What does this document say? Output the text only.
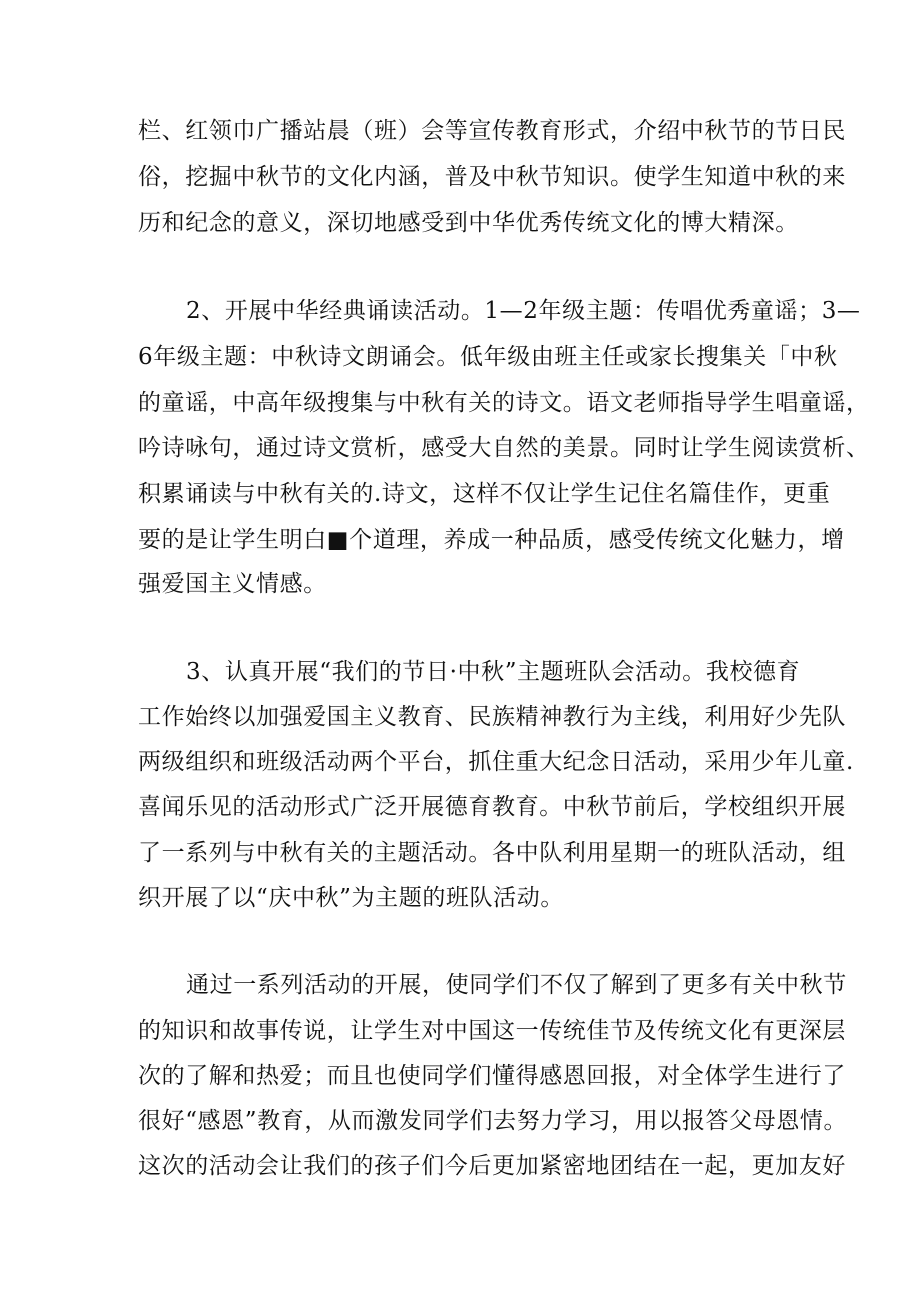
栏、红领巾广播站晨（班）会等宣传教育形式，介绍中秋节的节日民
俗，挖掘中秋节的文化内涵，普及中秋节知识。使学生知道中秋的来
历和纪念的意义，深切地感受到中华优秀传统文化的博大精深。
2、开展中华经典诵读活动。1—2年级主题：传唱优秀童谣；3—
6年级主题：中秋诗文朗诵会。低年级由班主任或家长搜集关「中秋
的童谣，中高年级搜集与中秋有关的诗文。语文老师指导学生唱童谣，
吟诗咏句，通过诗文赏析，感受大自然的美景。同时让学生阅读赏析、
积累诵读与中秋有关的.诗文，这样不仅让学生记住名篇佳作，更重
要的是让学生明白■个道理，养成一种品质，感受传统文化魅力，增
强爱国主义情感。
3、认真开展“我们的节日·中秋”主题班队会活动。我校德育
工作始终以加强爱国主义教育、民族精神教行为主线，利用好少先队
两级组织和班级活动两个平台，抓住重大纪念日活动，采用少年儿童.
喜闻乐见的活动形式广泛开展德育教育。中秋节前后，学校组织开展
了一系列与中秋有关的主题活动。各中队利用星期一的班队活动，组
织开展了以“庆中秋”为主题的班队活动。
通过一系列活动的开展，使同学们不仅了解到了更多有关中秋节
的知识和故事传说，让学生对中国这一传统佳节及传统文化有更深层
次的了解和热爱；而且也使同学们懂得感恩回报，对全体学生进行了
很好“感恩”教育，从而激发同学们去努力学习，用以报答父母恩情。
这次的活动会让我们的孩子们今后更加紧密地团结在一起，更加友好
